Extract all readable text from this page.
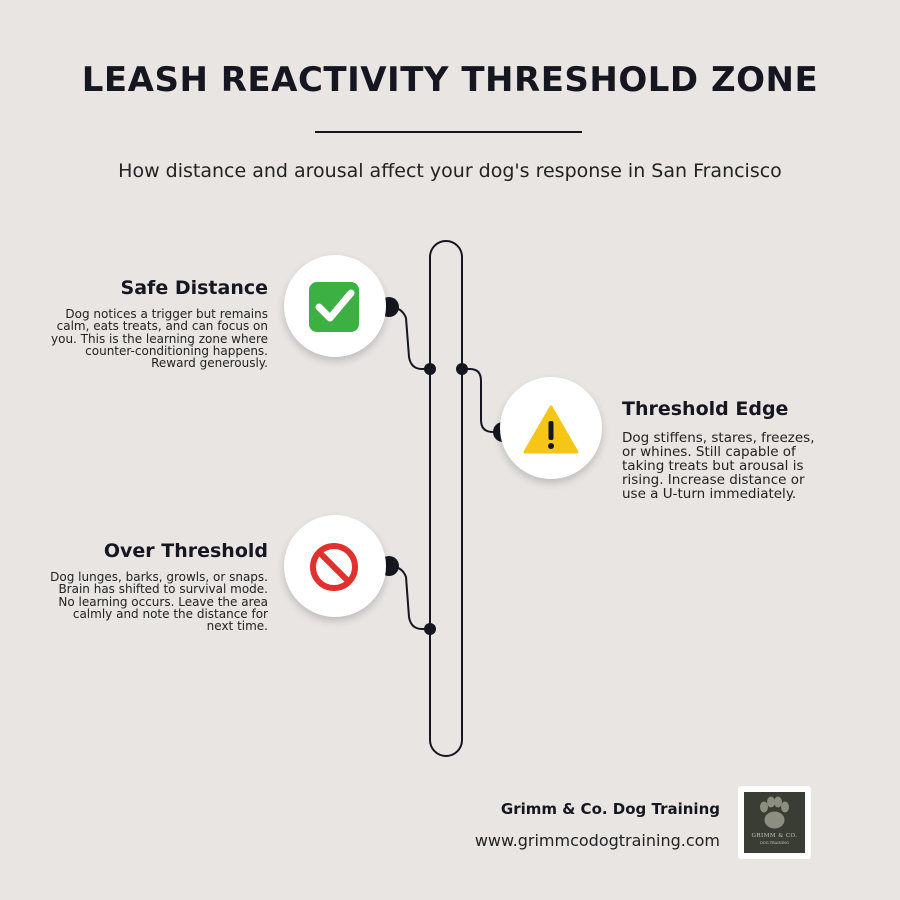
LEASH REACTIVITY THRESHOLD ZONE
How distance and arousal affect your dog's response in San Francisco
Safe Distance
Dog notices a trigger but remains calm, eats treats, and can focus on you. This is the learning zone where counter-conditioning happens. Reward generously.
Threshold Edge
Dog stiffens, stares, freezes, or whines. Still capable of taking treats but arousal is rising. Increase distance or use a U-turn immediately.
Over Threshold
Dog lunges, barks, growls, or snaps. Brain has shifted to survival mode. No learning occurs. Leave the area calmly and note the distance for next time.
Grimm & Co. Dog Training
www.grimmcodogtraining.com	GRIMM & CO.
DOG TRAINING
